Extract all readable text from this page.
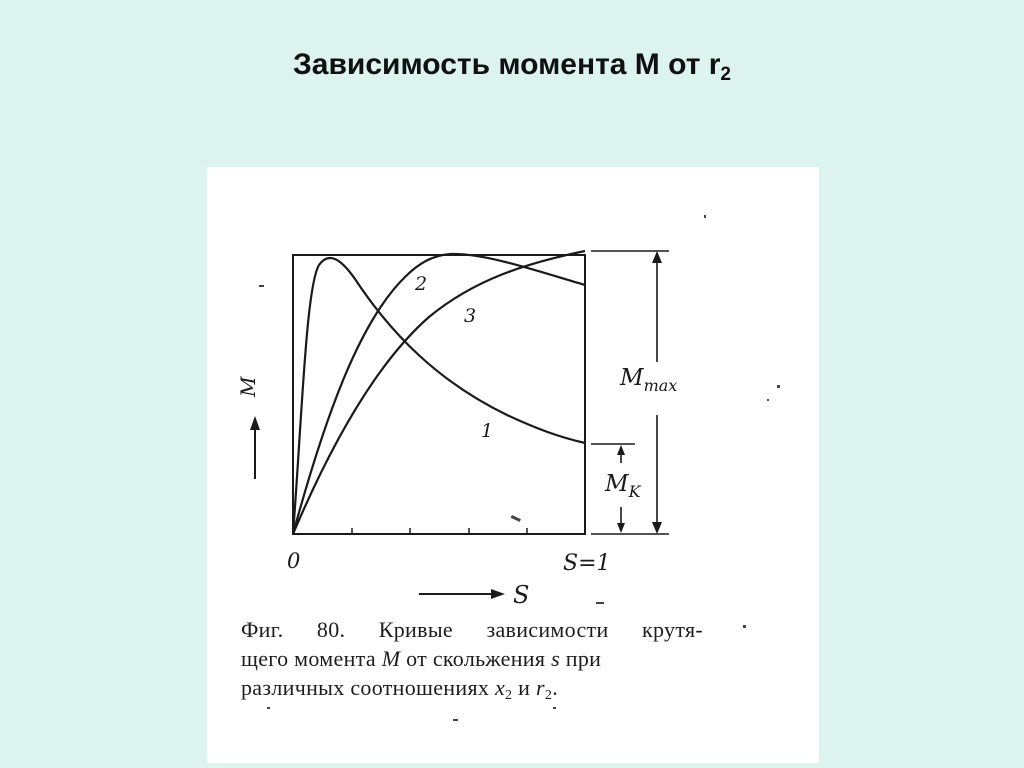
Зависимость момента М от $r_2$
2
3
1
$M_{max}$
$M_K$
M
0	S=1
S
Фиг. 80. Кривые зависимости крутя-
щего момента M от скольжения s при
различных соотношениях $x_2$ и $r_2$.
